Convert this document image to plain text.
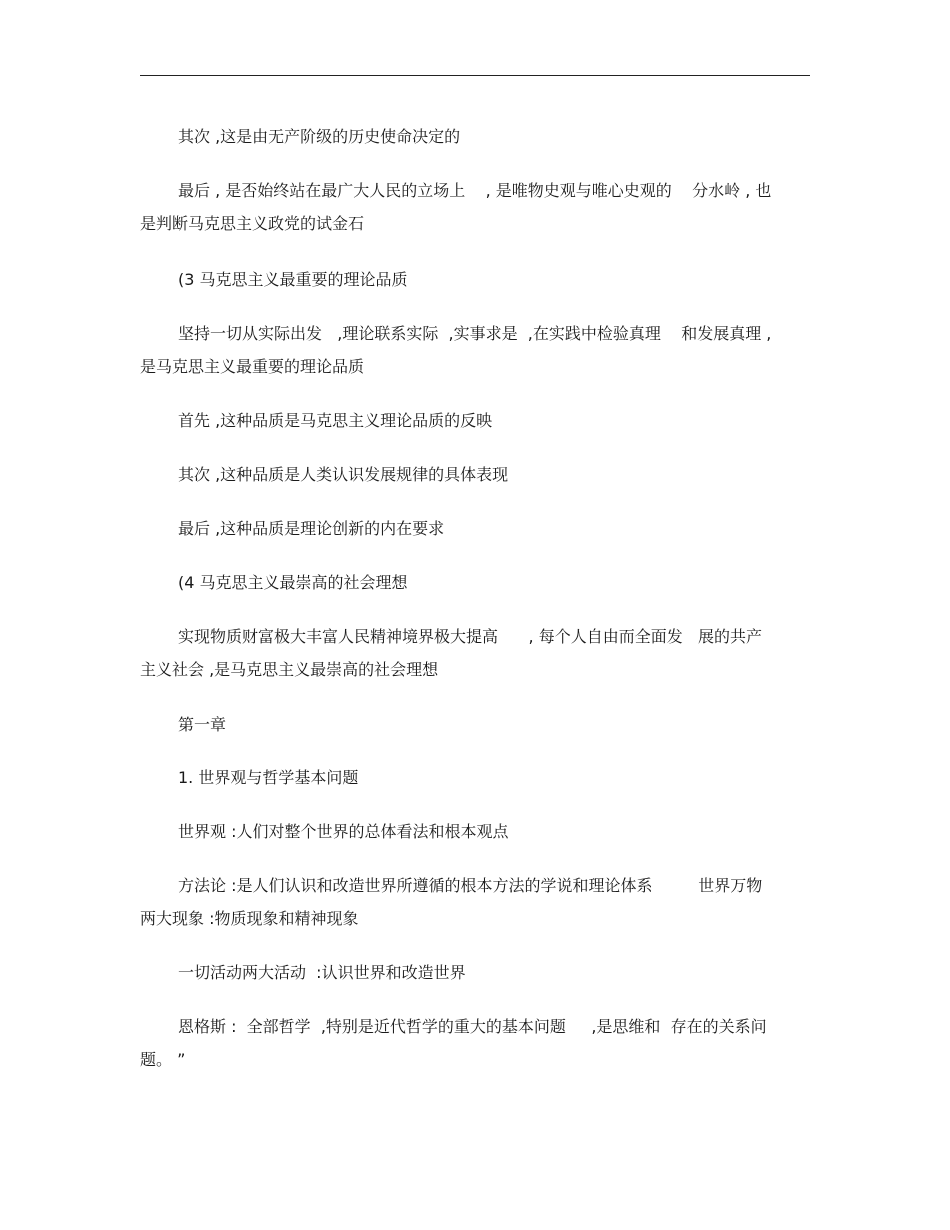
其次 ,这是由无产阶级的历史使命决定的
最后 , 是否始终站在最广大人民的立场上    , 是唯物史观与唯心史观的    分水岭 , 也
是判断马克思主义政党的试金石
(3 马克思主义最重要的理论品质
坚持一切从实际出发   ,理论联系实际  ,实事求是  ,在实践中检验真理    和发展真理 ,
是马克思主义最重要的理论品质
首先 ,这种品质是马克思主义理论品质的反映
其次 ,这种品质是人类认识发展规律的具体表现
最后 ,这种品质是理论创新的内在要求
(4 马克思主义最崇高的社会理想
实现物质财富极大丰富人民精神境界极大提高      , 每个人自由而全面发   展的共产
主义社会 ,是马克思主义最崇高的社会理想
第一章
1. 世界观与哲学基本问题
世界观 :人们对整个世界的总体看法和根本观点
方法论 :是人们认识和改造世界所遵循的根本方法的学说和理论体系         世界万物
两大现象 :物质现象和精神现象
一切活动两大活动  :认识世界和改造世界
恩格斯 :  全部哲学  ,特别是近代哲学的重大的基本问题     ,是思维和  存在的关系问
题。 ”
